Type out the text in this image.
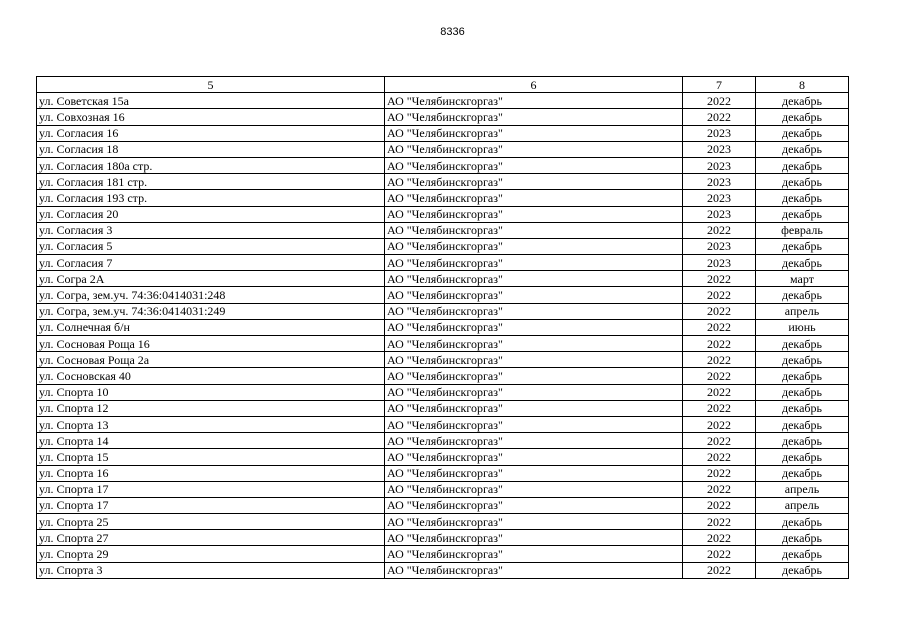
8336
5	6	7	8
ул. Советская 15а	АО "Челябинскгоргаз"	2022	декабрь
ул. Совхозная 16	АО "Челябинскгоргаз"	2022	декабрь
ул. Согласия 16	АО "Челябинскгоргаз"	2023	декабрь
ул. Согласия 18	АО "Челябинскгоргаз"	2023	декабрь
ул. Согласия 180а стр.	АО "Челябинскгоргаз"	2023	декабрь
ул. Согласия 181 стр.	АО "Челябинскгоргаз"	2023	декабрь
ул. Согласия 193 стр.	АО "Челябинскгоргаз"	2023	декабрь
ул. Согласия 20	АО "Челябинскгоргаз"	2023	декабрь
ул. Согласия 3	АО "Челябинскгоргаз"	2022	февраль
ул. Согласия 5	АО "Челябинскгоргаз"	2023	декабрь
ул. Согласия 7	АО "Челябинскгоргаз"	2023	декабрь
ул. Согра 2А	АО "Челябинскгоргаз"	2022	март
ул. Согра, зем.уч. 74:36:0414031:248	АО "Челябинскгоргаз"	2022	декабрь
ул. Согра, зем.уч. 74:36:0414031:249	АО "Челябинскгоргаз"	2022	апрель
ул. Солнечная б/н	АО "Челябинскгоргаз"	2022	июнь
ул. Сосновая Роща 16	АО "Челябинскгоргаз"	2022	декабрь
ул. Сосновая Роща 2а	АО "Челябинскгоргаз"	2022	декабрь
ул. Сосновская 40	АО "Челябинскгоргаз"	2022	декабрь
ул. Спорта 10	АО "Челябинскгоргаз"	2022	декабрь
ул. Спорта 12	АО "Челябинскгоргаз"	2022	декабрь
ул. Спорта 13	АО "Челябинскгоргаз"	2022	декабрь
ул. Спорта 14	АО "Челябинскгоргаз"	2022	декабрь
ул. Спорта 15	АО "Челябинскгоргаз"	2022	декабрь
ул. Спорта 16	АО "Челябинскгоргаз"	2022	декабрь
ул. Спорта 17	АО "Челябинскгоргаз"	2022	апрель
ул. Спорта 17	АО "Челябинскгоргаз"	2022	апрель
ул. Спорта 25	АО "Челябинскгоргаз"	2022	декабрь
ул. Спорта 27	АО "Челябинскгоргаз"	2022	декабрь
ул. Спорта 29	АО "Челябинскгоргаз"	2022	декабрь
ул. Спорта 3	АО "Челябинскгоргаз"	2022	декабрь
